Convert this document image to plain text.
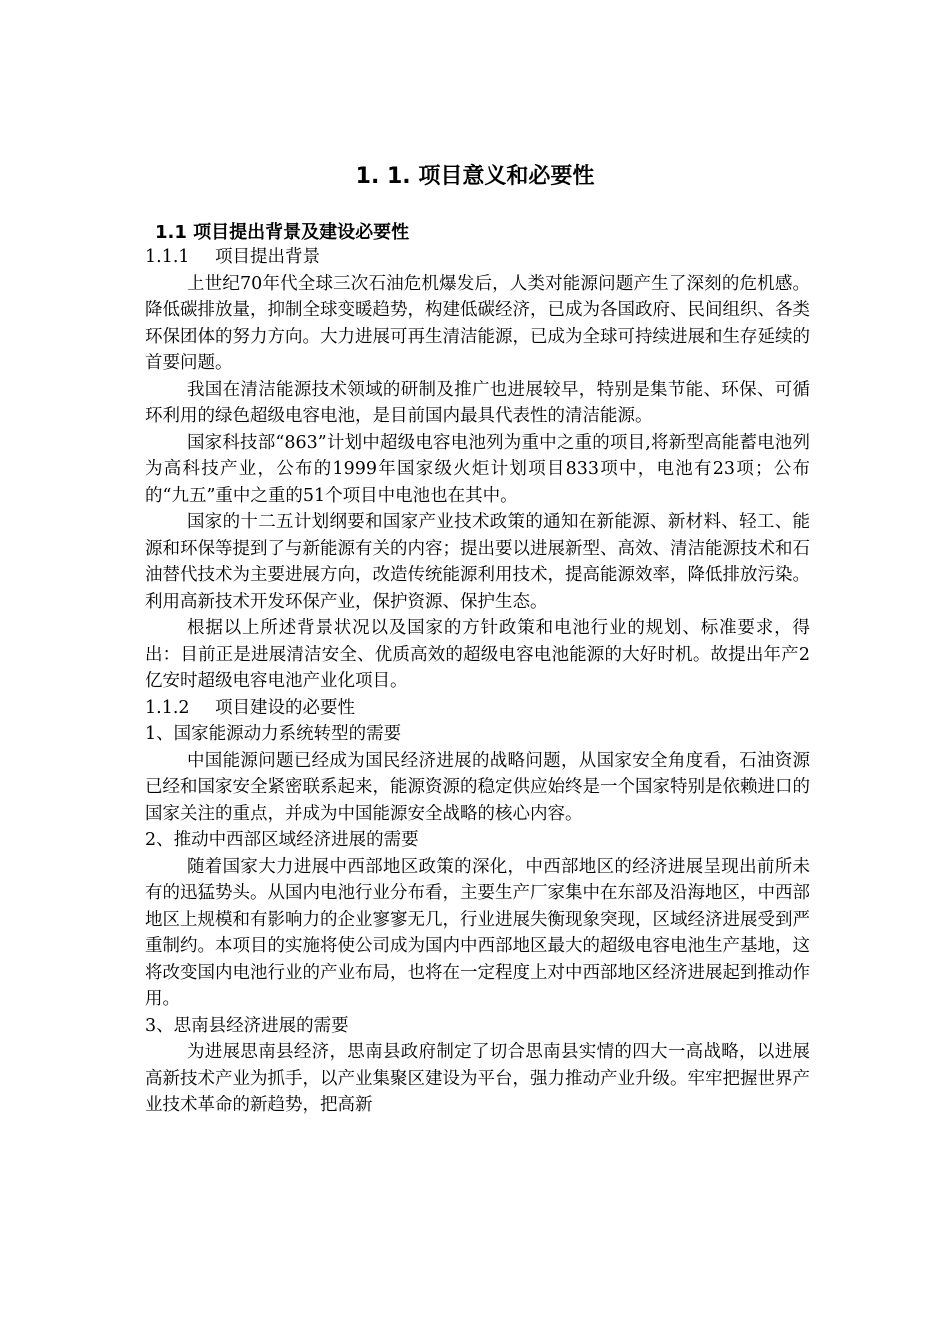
1. 1. 项目意义和必要性
1.1 项目提出背景及建设必要性

1.1.1 项目提出背景

上世纪70年代全球三次石油危机爆发后，人类对能源问题产生了深刻的危机感。降低碳排放量，抑制全球变暖趋势，构建低碳经济，已成为各国政府、民间组织、各类环保团体的努力方向。大力进展可再生清洁能源，已成为全球可持续进展和生存延续的首要问题。

我国在清洁能源技术领域的研制及推广也进展较早，特别是集节能、环保、可循环利用的绿色超级电容电池，是目前国内最具代表性的清洁能源。

国家科技部“863”计划中超级电容电池列为重中之重的项目,将新型高能蓄电池列为高科技产业，公布的1999年国家级火炬计划项目833项中，电池有23项；公布的“九五”重中之重的51个项目中电池也在其中。

国家的十二五计划纲要和国家产业技术政策的通知在新能源、新材料、轻工、能源和环保等提到了与新能源有关的内容；提出要以进展新型、高效、清洁能源技术和石油替代技术为主要进展方向，改造传统能源利用技术，提高能源效率，降低排放污染。利用高新技术开发环保产业，保护资源、保护生态。

根据以上所述背景状况以及国家的方针政策和电池行业的规划、标准要求，得出：目前正是进展清洁安全、优质高效的超级电容电池能源的大好时机。故提出年产2亿安时超级电容电池产业化项目。

1.1.2 项目建设的必要性

1、国家能源动力系统转型的需要

中国能源问题已经成为国民经济进展的战略问题，从国家安全角度看，石油资源已经和国家安全紧密联系起来，能源资源的稳定供应始终是一个国家特别是依赖进口的国家关注的重点，并成为中国能源安全战略的核心内容。

2、推动中西部区域经济进展的需要

随着国家大力进展中西部地区政策的深化，中西部地区的经济进展呈现出前所未有的迅猛势头。从国内电池行业分布看，主要生产厂家集中在东部及沿海地区，中西部地区上规模和有影响力的企业寥寥无几，行业进展失衡现象突现，区域经济进展受到严重制约。本项目的实施将使公司成为国内中西部地区最大的超级电容电池生产基地，这将改变国内电池行业的产业布局，也将在一定程度上对中西部地区经济进展起到推动作用。

3、思南县经济进展的需要

为进展思南县经济，思南县政府制定了切合思南县实情的四大一高战略，以进展高新技术产业为抓手，以产业集聚区建设为平台，强力推动产业升级。牢牢把握世界产业技术革命的新趋势，把高新
